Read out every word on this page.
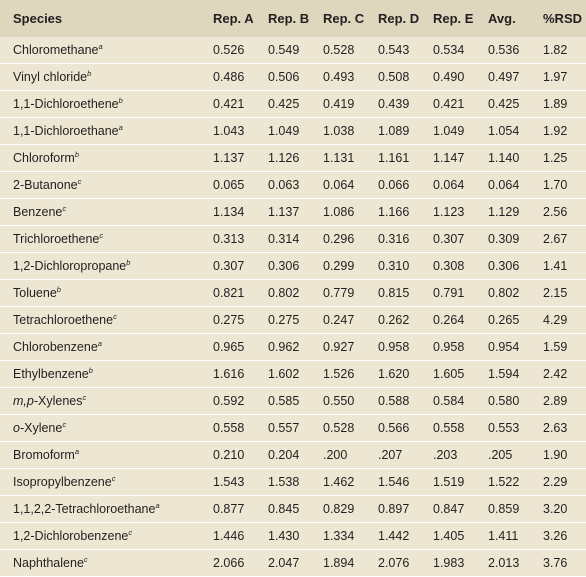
Species	Rep. A	Rep. B	Rep. C	Rep. D	Rep. E	Avg.	%RSD
Chloromethane$^a$	0.526	0.549	0.528	0.543	0.534	0.536	1.82
Vinyl chloride$^b$	0.486	0.506	0.493	0.508	0.490	0.497	1.97
1,1-Dichloroethene$^b$	0.421	0.425	0.419	0.439	0.421	0.425	1.89
1,1-Dichloroethane$^a$	1.043	1.049	1.038	1.089	1.049	1.054	1.92
Chloroform$^b$	1.137	1.126	1.131	1.161	1.147	1.140	1.25
2-Butanone$^c$	0.065	0.063	0.064	0.066	0.064	0.064	1.70
Benzene$^c$	1.134	1.137	1.086	1.166	1.123	1.129	2.56
Trichloroethene$^c$	0.313	0.314	0.296	0.316	0.307	0.309	2.67
1,2-Dichloropropane$^b$	0.307	0.306	0.299	0.310	0.308	0.306	1.41
Toluene$^b$	0.821	0.802	0.779	0.815	0.791	0.802	2.15
Tetrachloroethene$^c$	0.275	0.275	0.247	0.262	0.264	0.265	4.29
Chlorobenzene$^a$	0.965	0.962	0.927	0.958	0.958	0.954	1.59
Ethylbenzene$^b$	1.616	1.602	1.526	1.620	1.605	1.594	2.42
m,p-Xylenes$^c$	0.592	0.585	0.550	0.588	0.584	0.580	2.89
o-Xylene$^c$	0.558	0.557	0.528	0.566	0.558	0.553	2.63
Bromoform$^a$	0.210	0.204	.200	.207	.203	.205	1.90
Isopropylbenzene$^c$	1.543	1.538	1.462	1.546	1.519	1.522	2.29
1,1,2,2-Tetrachloroethane$^a$	0.877	0.845	0.829	0.897	0.847	0.859	3.20
1,2-Dichlorobenzene$^c$	1.446	1.430	1.334	1.442	1.405	1.411	3.26
Naphthalene$^c$	2.066	2.047	1.894	2.076	1.983	2.013	3.76
